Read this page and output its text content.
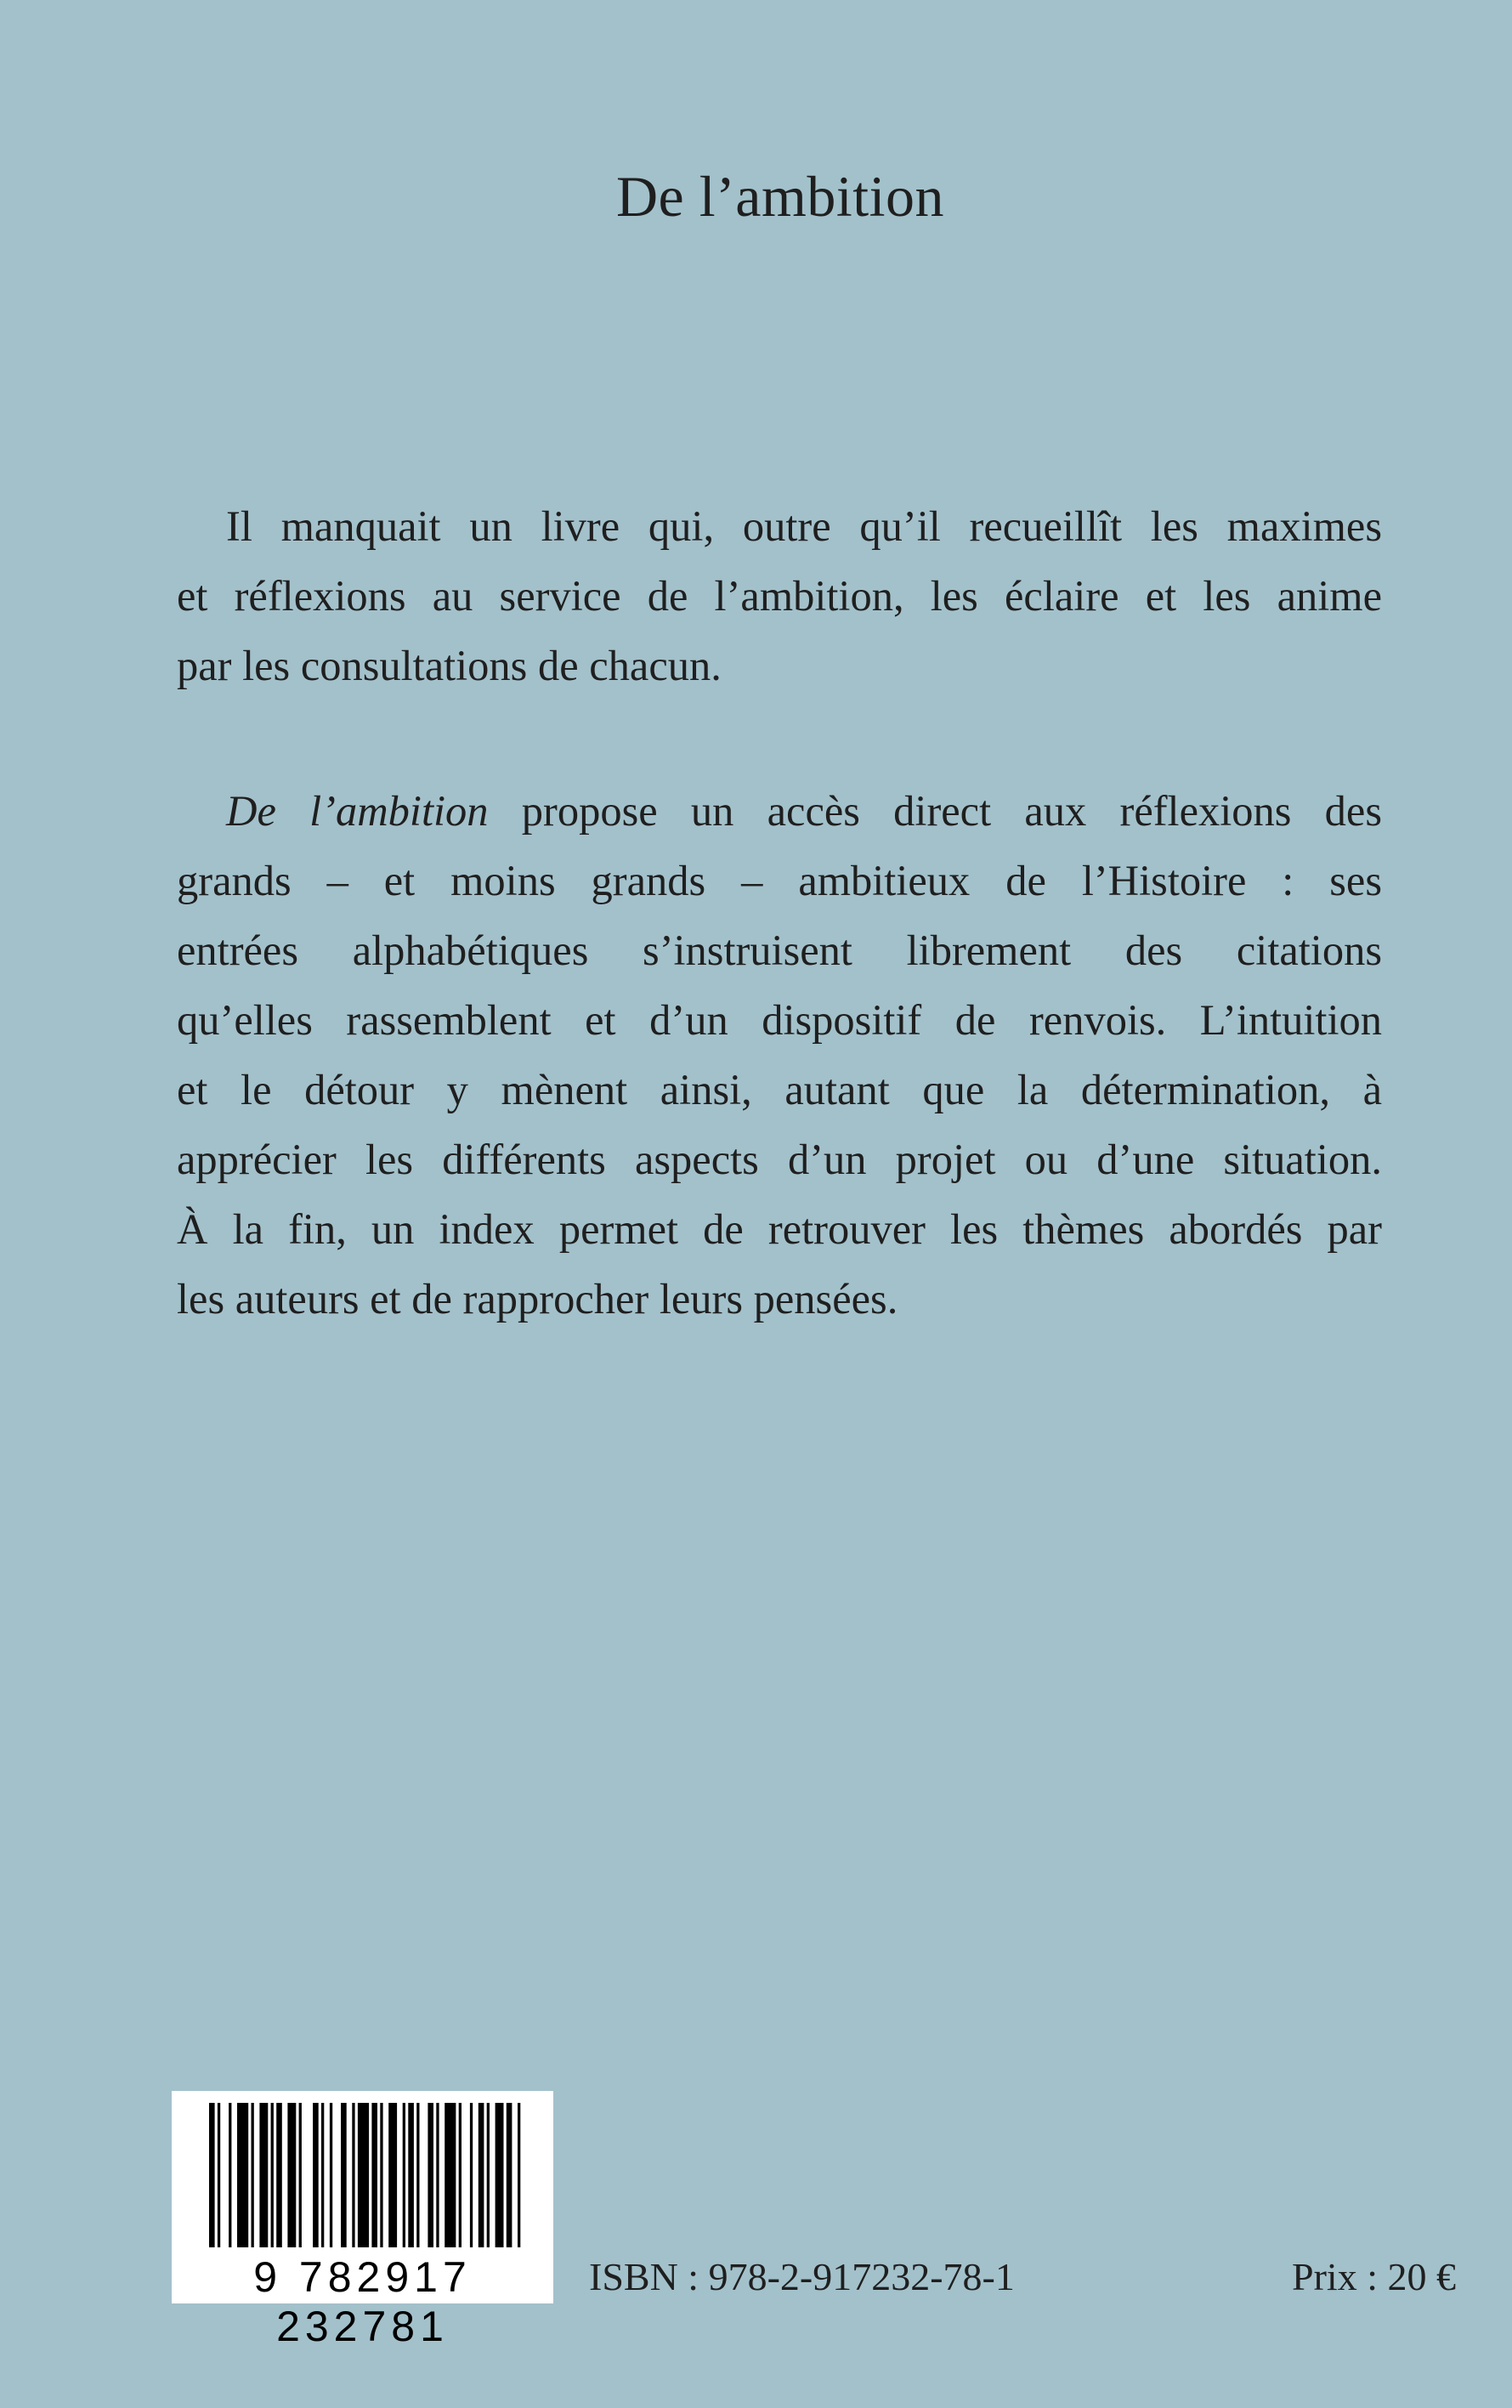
De l’ambition
Il manquait un livre qui, outre qu’il recueillît les maximes
et réflexions au service de l’ambition, les éclaire et les anime
par les consultations de chacun.
De l’ambition propose un accès direct aux réflexions des
grands – et moins grands – ambitieux de l’Histoire : ses
entrées alphabétiques s’instruisent librement des citations
qu’elles rassemblent et d’un dispositif de renvois. L’intuition
et le détour y mènent ainsi, autant que la détermination, à
apprécier les différents aspects d’un projet ou d’une situation.
À la fin, un index permet de retrouver les thèmes abordés par
les auteurs et de rapprocher leurs pensées.
9 782917 232781
ISBN : 978-2-917232-78-1	Prix : 20 €
